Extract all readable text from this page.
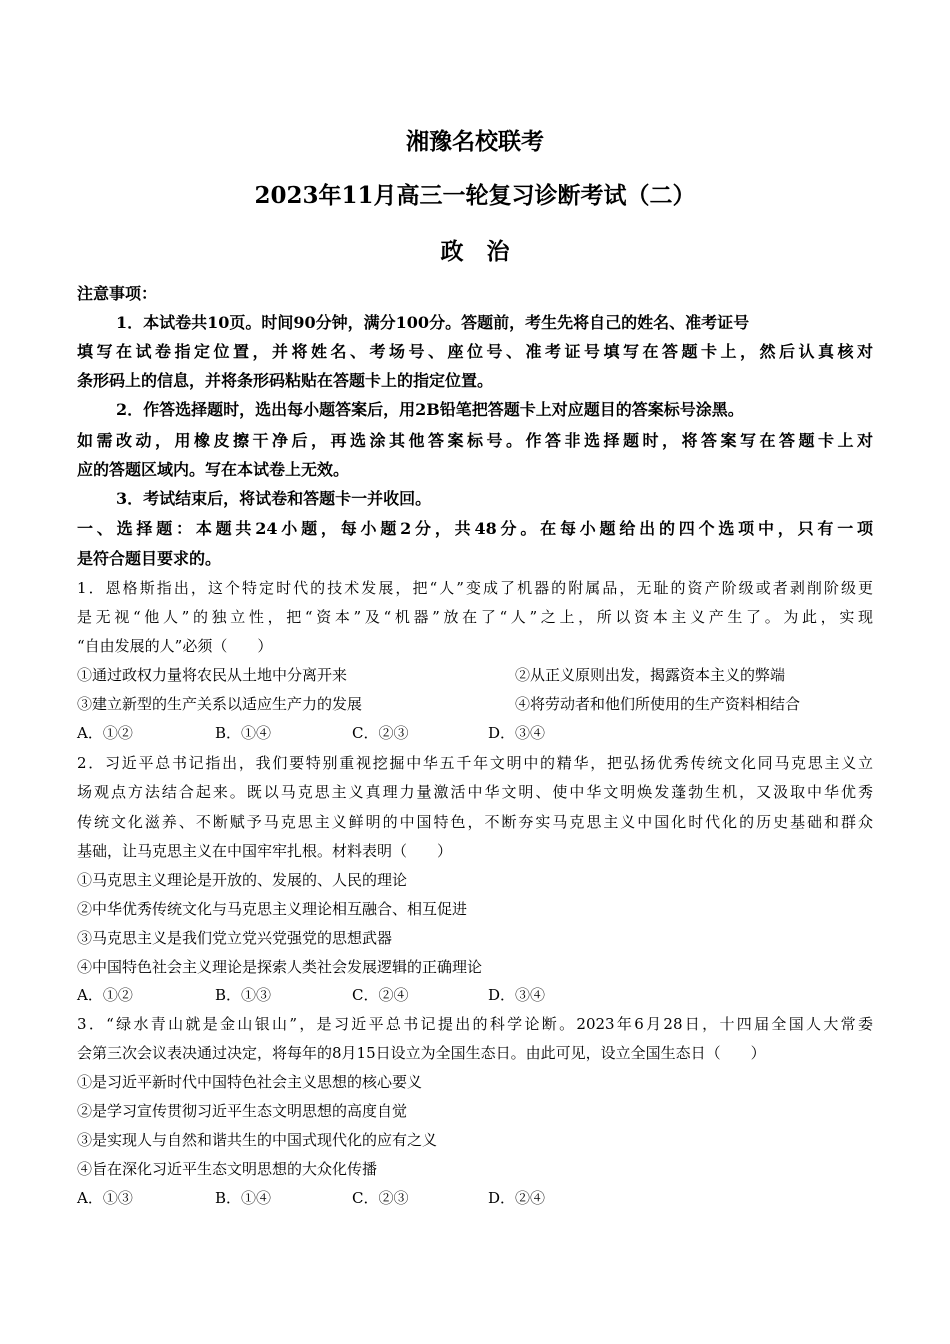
湘豫名校联考
2023年11月高三一轮复习诊断考试（二）
政　治
注意事项：
1．本试卷共10页。时间90分钟，满分100分。答题前，考生先将自己的姓名、准考证号
填写在试卷指定位置，并将姓名、考场号、座位号、准考证号填写在答题卡上，然后认真核对
条形码上的信息，并将条形码粘贴在答题卡上的指定位置。
2．作答选择题时，选出每小题答案后，用2B铅笔把答题卡上对应题目的答案标号涂黑。
如需改动，用橡皮擦干净后，再选涂其他答案标号。作答非选择题时，将答案写在答题卡上对
应的答题区域内。写在本试卷上无效。
3．考试结束后，将试卷和答题卡一并收回。
一、选择题：本题共24小题，每小题2分，共48分。在每小题给出的四个选项中，只有一项
是符合题目要求的。
1．恩格斯指出，这个特定时代的技术发展，把“人”变成了机器的附属品，无耻的资产阶级或者剥削阶级更
是无视“他人”的独立性，把“资本”及“机器”放在了“人”之上，所以资本主义产生了。为此，实现
“自由发展的人”必须（　　）
①通过政权力量将农民从土地中分离开来	②从正义原则出发，揭露资本主义的弊端
③建立新型的生产关系以适应生产力的发展	④将劳动者和他们所使用的生产资料相结合
A．①②	B．①④	C．②③	D．③④
2．习近平总书记指出，我们要特别重视挖掘中华五千年文明中的精华，把弘扬优秀传统文化同马克思主义立
场观点方法结合起来。既以马克思主义真理力量激活中华文明、使中华文明焕发蓬勃生机，又汲取中华优秀
传统文化滋养、不断赋予马克思主义鲜明的中国特色，不断夯实马克思主义中国化时代化的历史基础和群众
基础，让马克思主义在中国牢牢扎根。材料表明（　　）
①马克思主义理论是开放的、发展的、人民的理论
②中华优秀传统文化与马克思主义理论相互融合、相互促进
③马克思主义是我们党立党兴党强党的思想武器
④中国特色社会主义理论是探索人类社会发展逻辑的正确理论
A．①②	B．①③	C．②④	D．③④
3．“绿水青山就是金山银山”，是习近平总书记提出的科学论断。2023年6月28日，十四届全国人大常委
会第三次会议表决通过决定，将每年的8月15日设立为全国生态日。由此可见，设立全国生态日（　　）
①是习近平新时代中国特色社会主义思想的核心要义
②是学习宣传贯彻习近平生态文明思想的高度自觉
③是实现人与自然和谐共生的中国式现代化的应有之义
④旨在深化习近平生态文明思想的大众化传播
A．①③	B．①④	C．②③	D．②④
